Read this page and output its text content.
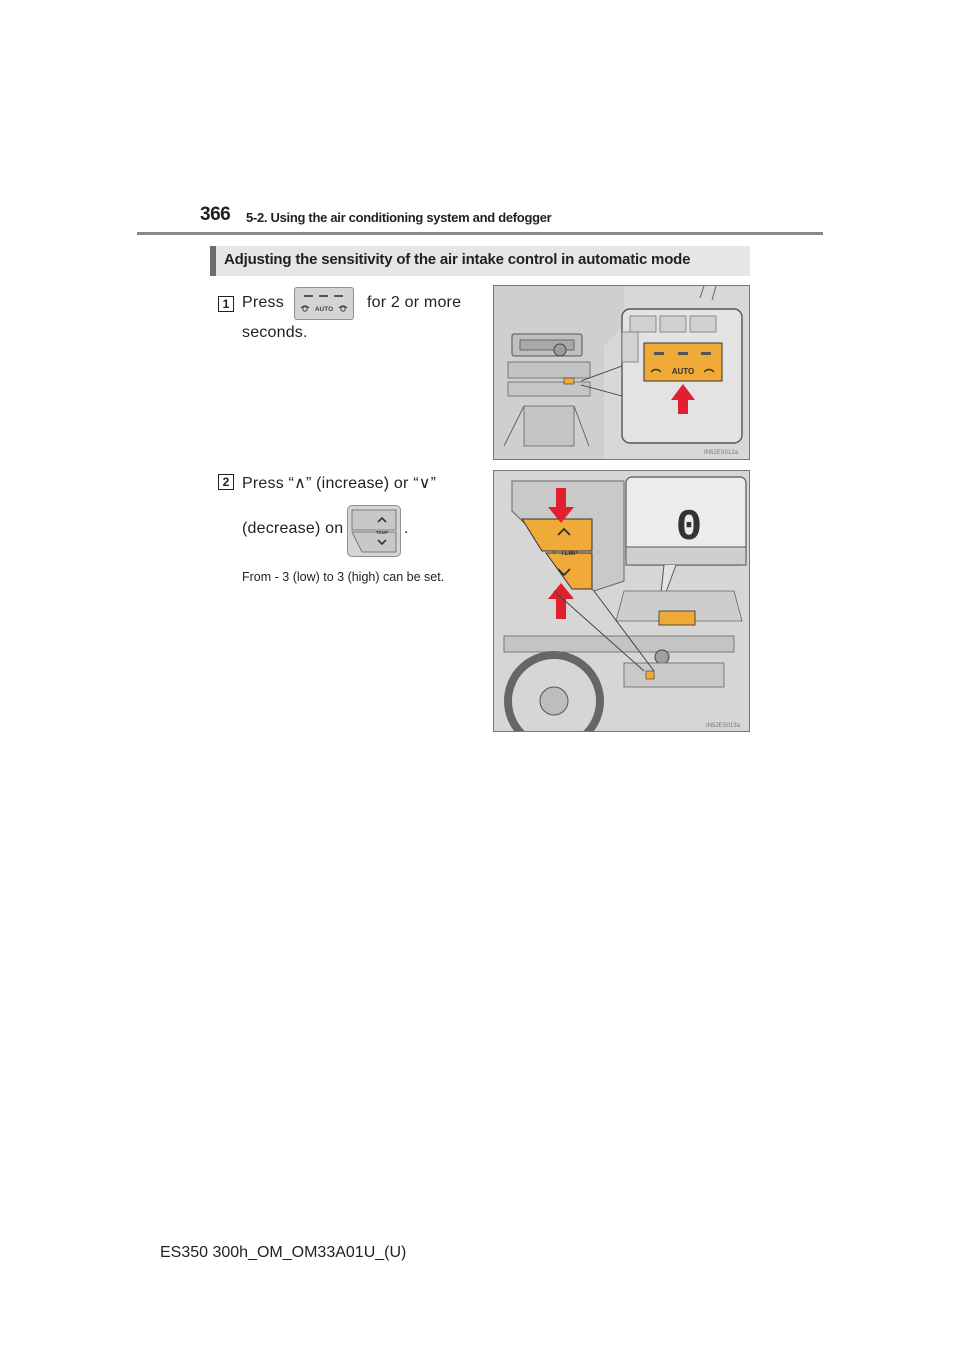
366 5-2. Using the air conditioning system and defogger
Adjusting the sensitivity of the air intake control in automatic mode
1 Press	AUTO for 2 or more
seconds.
AUTO
IN52ES012a
2 Press “∧” (increase) or “∨”
(decrease) on	TEMP .
From - 3 (low) to 3 (high) can be set.
TEMP
0
IN52ES013a
ES350 300h_OM_OM33A01U_(U)
